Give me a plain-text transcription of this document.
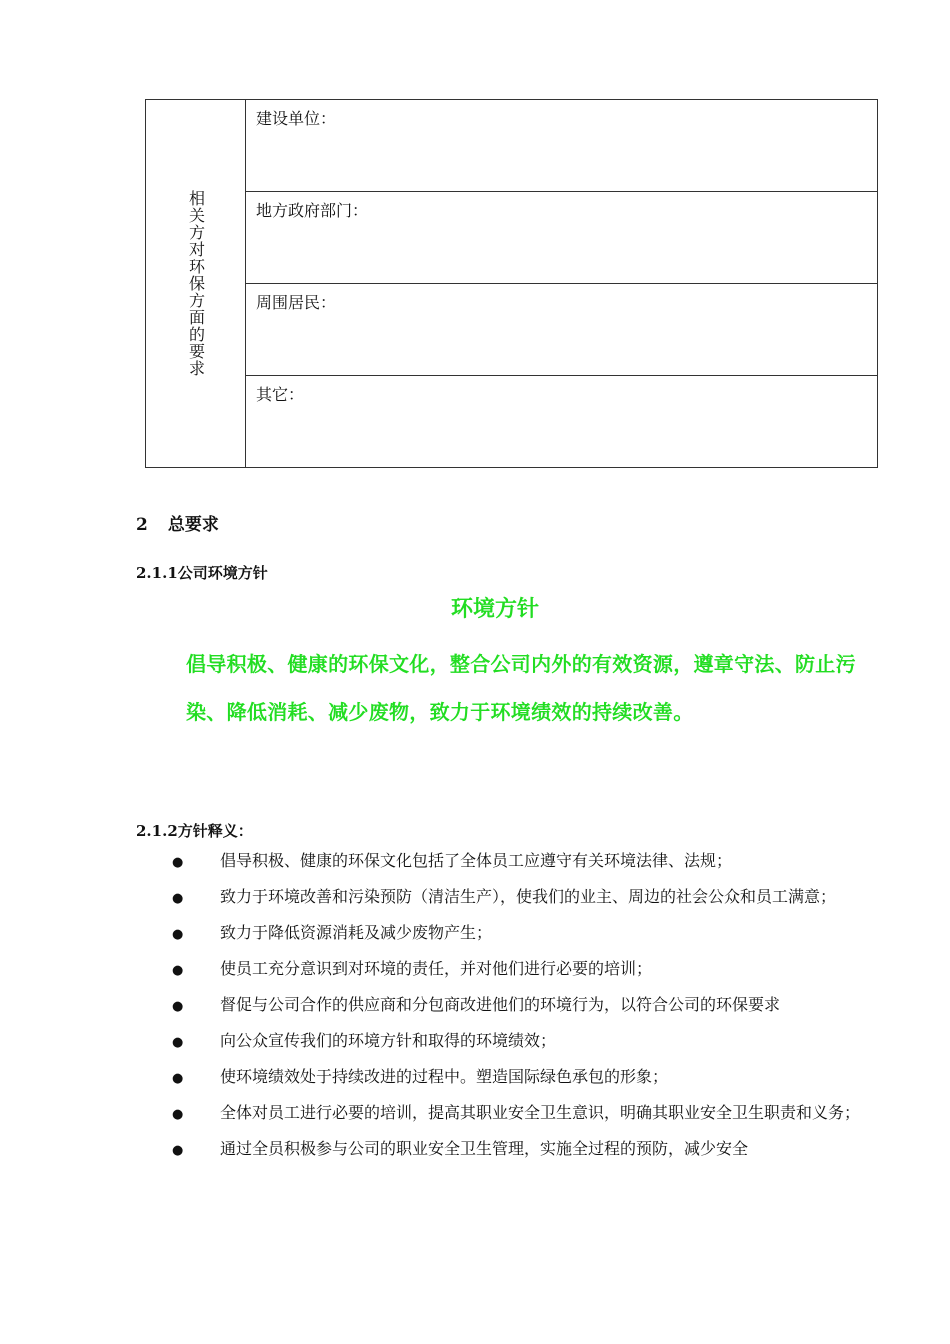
相关方对环保方面的要求
建设单位：
地方政府部门：
周围居民：
其它：
2 总要求
2.1.1公司环境方针
环境方针
倡导积极、健康的环保文化，整合公司内外的有效资源，遵章守法、防止污染、降低消耗、减少废物，致力于环境绩效的持续改善。
2.1.2方针释义：
● 倡导积极、健康的环保文化包括了全体员工应遵守有关环境法律、法规；
● 致力于环境改善和污染预防（清洁生产），使我们的业主、周边的社会公众和员工满意；
● 致力于降低资源消耗及减少废物产生；
● 使员工充分意识到对环境的责任，并对他们进行必要的培训；
● 督促与公司合作的供应商和分包商改进他们的环境行为，以符合公司的环保要求
● 向公众宣传我们的环境方针和取得的环境绩效；
● 使环境绩效处于持续改进的过程中。塑造国际绿色承包的形象；
● 全体对员工进行必要的培训，提高其职业安全卫生意识，明确其职业安全卫生职责和义务；
● 通过全员积极参与公司的职业安全卫生管理，实施全过程的预防，减少安全
